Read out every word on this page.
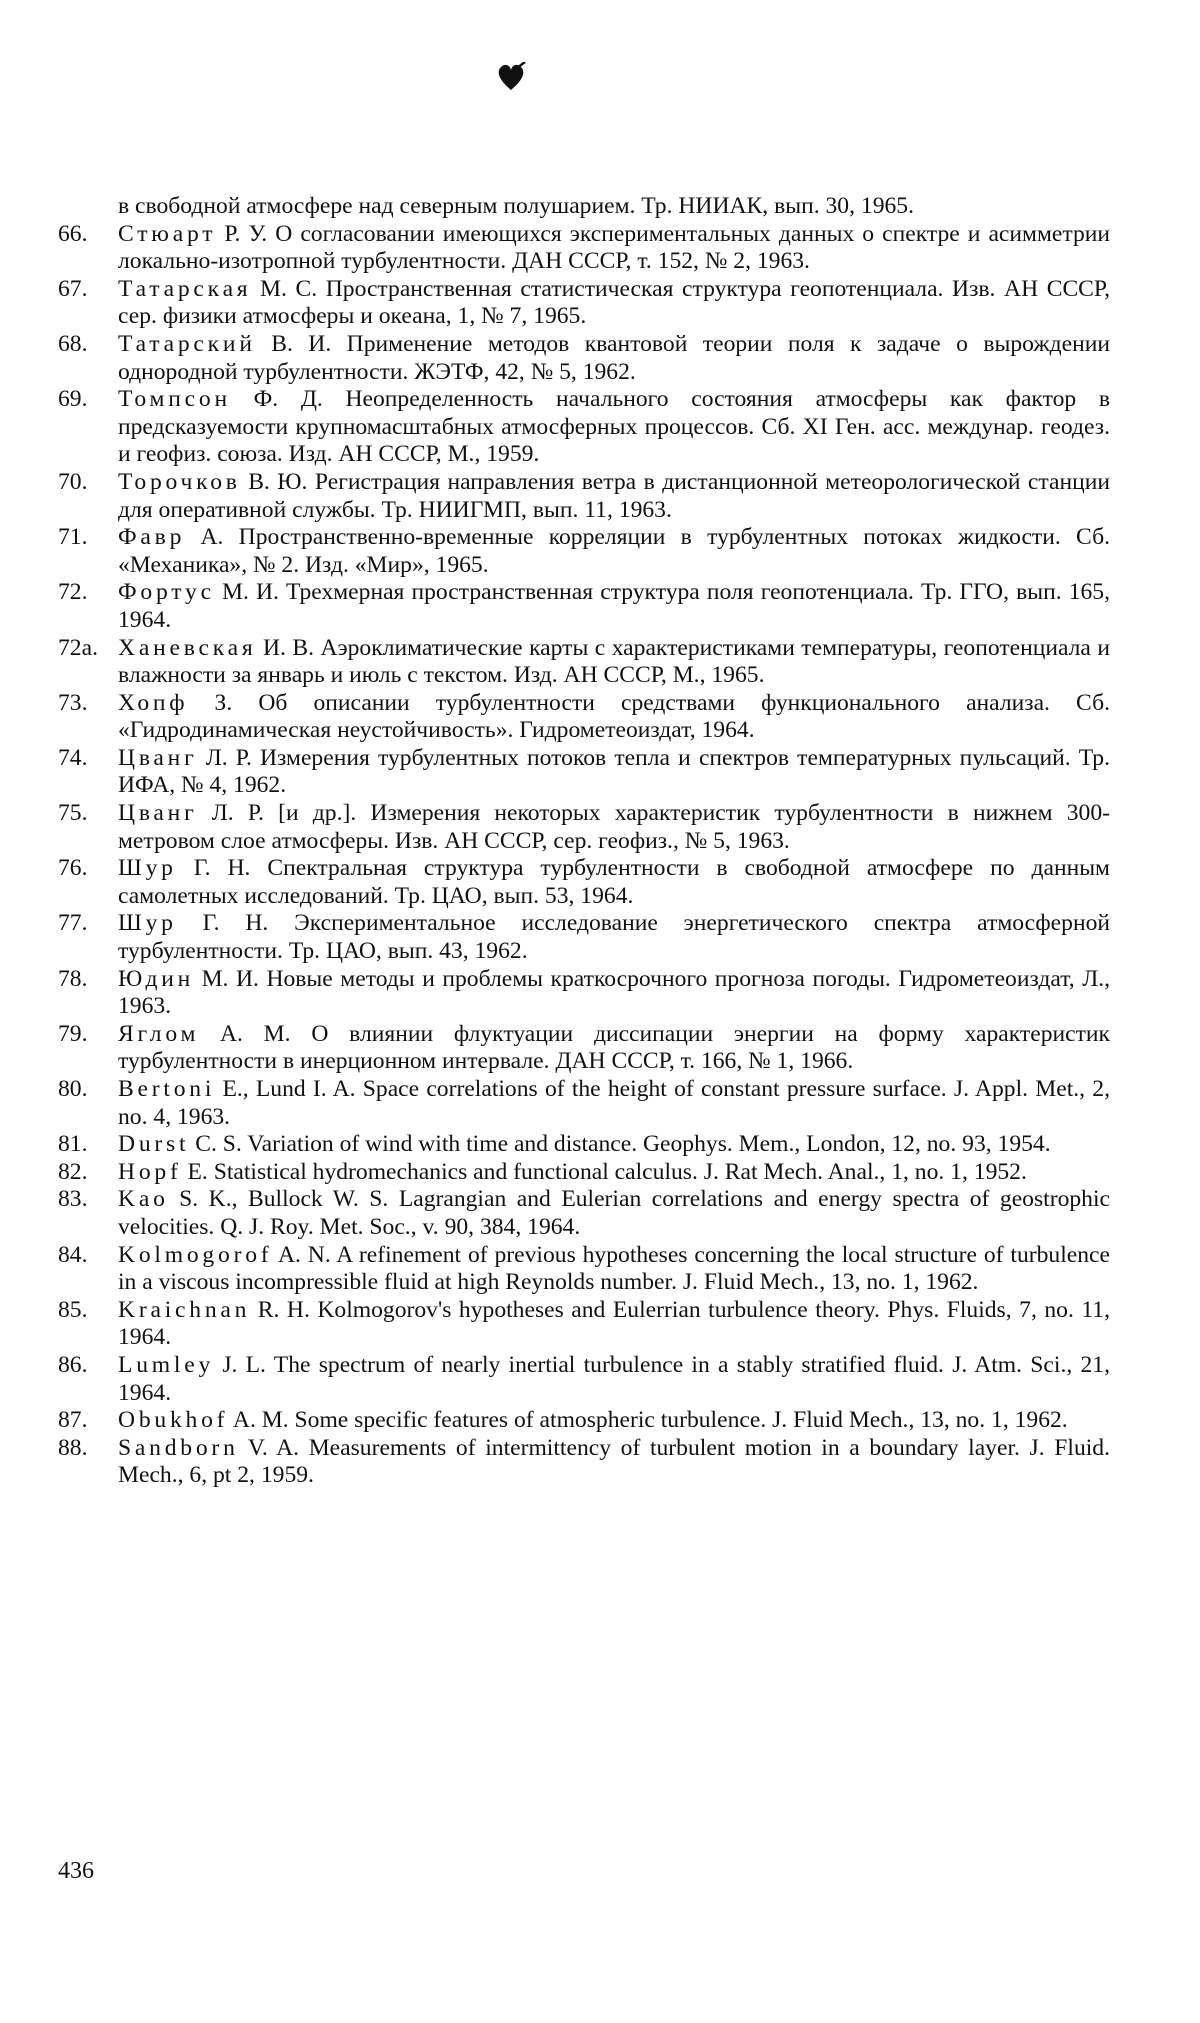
в свободной атмосфере над северным полушарием. Тр. НИИАК, вып. 30, 1965.
66. Стюарт Р. У. О согласовании имеющихся экспериментальных данных о спектре и асимметрии локально-изотропной турбулентности. ДАН СССР, т. 152, № 2, 1963.
67. Татарская М. С. Пространственная статистическая структура геопотенциала. Изв. АН СССР, сер. физики атмосферы и океана, 1, № 7, 1965.
68. Татарский В. И. Применение методов квантовой теории поля к задаче о вырождении однородной турбулентности. ЖЭТФ, 42, № 5, 1962.
69. Томпсон Ф. Д. Неопределенность начального состояния атмосферы как фактор в предсказуемости крупномасштабных атмосферных процессов. Сб. XI Ген. асс. междунар. геодез. и геофиз. союза. Изд. АН СССР, М., 1959.
70. Торочков В. Ю. Регистрация направления ветра в дистанционной метеорологической станции для оперативной службы. Тр. НИИГМП, вып. 11, 1963.
71. Фавр А. Пространственно-временные корреляции в турбулентных потоках жидкости. Сб. «Механика», № 2. Изд. «Мир», 1965.
72. Фортус М. И. Трехмерная пространственная структура поля геопотенциала. Тр. ГГО, вып. 165, 1964.
72а. Ханевская И. В. Аэроклиматические карты с характеристиками температуры, геопотенциала и влажности за январь и июль с текстом. Изд. АН СССР, М., 1965.
73. Хопф З. Об описании турбулентности средствами функционального анализа. Сб. «Гидродинамическая неустойчивость». Гидрометеоиздат, 1964.
74. Цванг Л. Р. Измерения турбулентных потоков тепла и спектров температурных пульсаций. Тр. ИФА, № 4, 1962.
75. Цванг Л. Р. [и др.]. Измерения некоторых характеристик турбулентности в нижнем 300-метровом слое атмосферы. Изв. АН СССР, сер. геофиз., № 5, 1963.
76. Шур Г. Н. Спектральная структура турбулентности в свободной атмосфере по данным самолетных исследований. Тр. ЦАО, вып. 53, 1964.
77. Шур Г. Н. Экспериментальное исследование энергетического спектра атмосферной турбулентности. Тр. ЦАО, вып. 43, 1962.
78. Юдин М. И. Новые методы и проблемы краткосрочного прогноза погоды. Гидрометеоиздат, Л., 1963.
79. Яглом А. М. О влиянии флуктуации диссипации энергии на форму характеристик турбулентности в инерционном интервале. ДАН СССР, т. 166, № 1, 1966.
80. Bertoni E., Lund I. A. Space correlations of the height of constant pressure surface. J. Appl. Met., 2, no. 4, 1963.
81. Durst C. S. Variation of wind with time and distance. Geophys. Mem., London, 12, no. 93, 1954.
82. Hopf E. Statistical hydromechanics and functional calculus. J. Rat Mech. Anal., 1, no. 1, 1952.
83. Kao S. K., Bullock W. S. Lagrangian and Eulerian correlations and energy spectra of geostrophic velocities. Q. J. Roy. Met. Soc., v. 90, 384, 1964.
84. Kolmogorof A. N. A refinement of previous hypotheses concerning the local structure of turbulence in a viscous incompressible fluid at high Reynolds number. J. Fluid Mech., 13, no. 1, 1962.
85. Kraichnan R. H. Kolmogorov's hypotheses and Eulerrian turbulence theory. Phys. Fluids, 7, no. 11, 1964.
86. Lumley J. L. The spectrum of nearly inertial turbulence in a stably stratified fluid. J. Atm. Sci., 21, 1964.
87. Obukhof A. M. Some specific features of atmospheric turbulence. J. Fluid Mech., 13, no. 1, 1962.
88. Sandborn V. A. Measurements of intermittency of turbulent motion in a boundary layer. J. Fluid. Mech., 6, pt 2, 1959.
436
